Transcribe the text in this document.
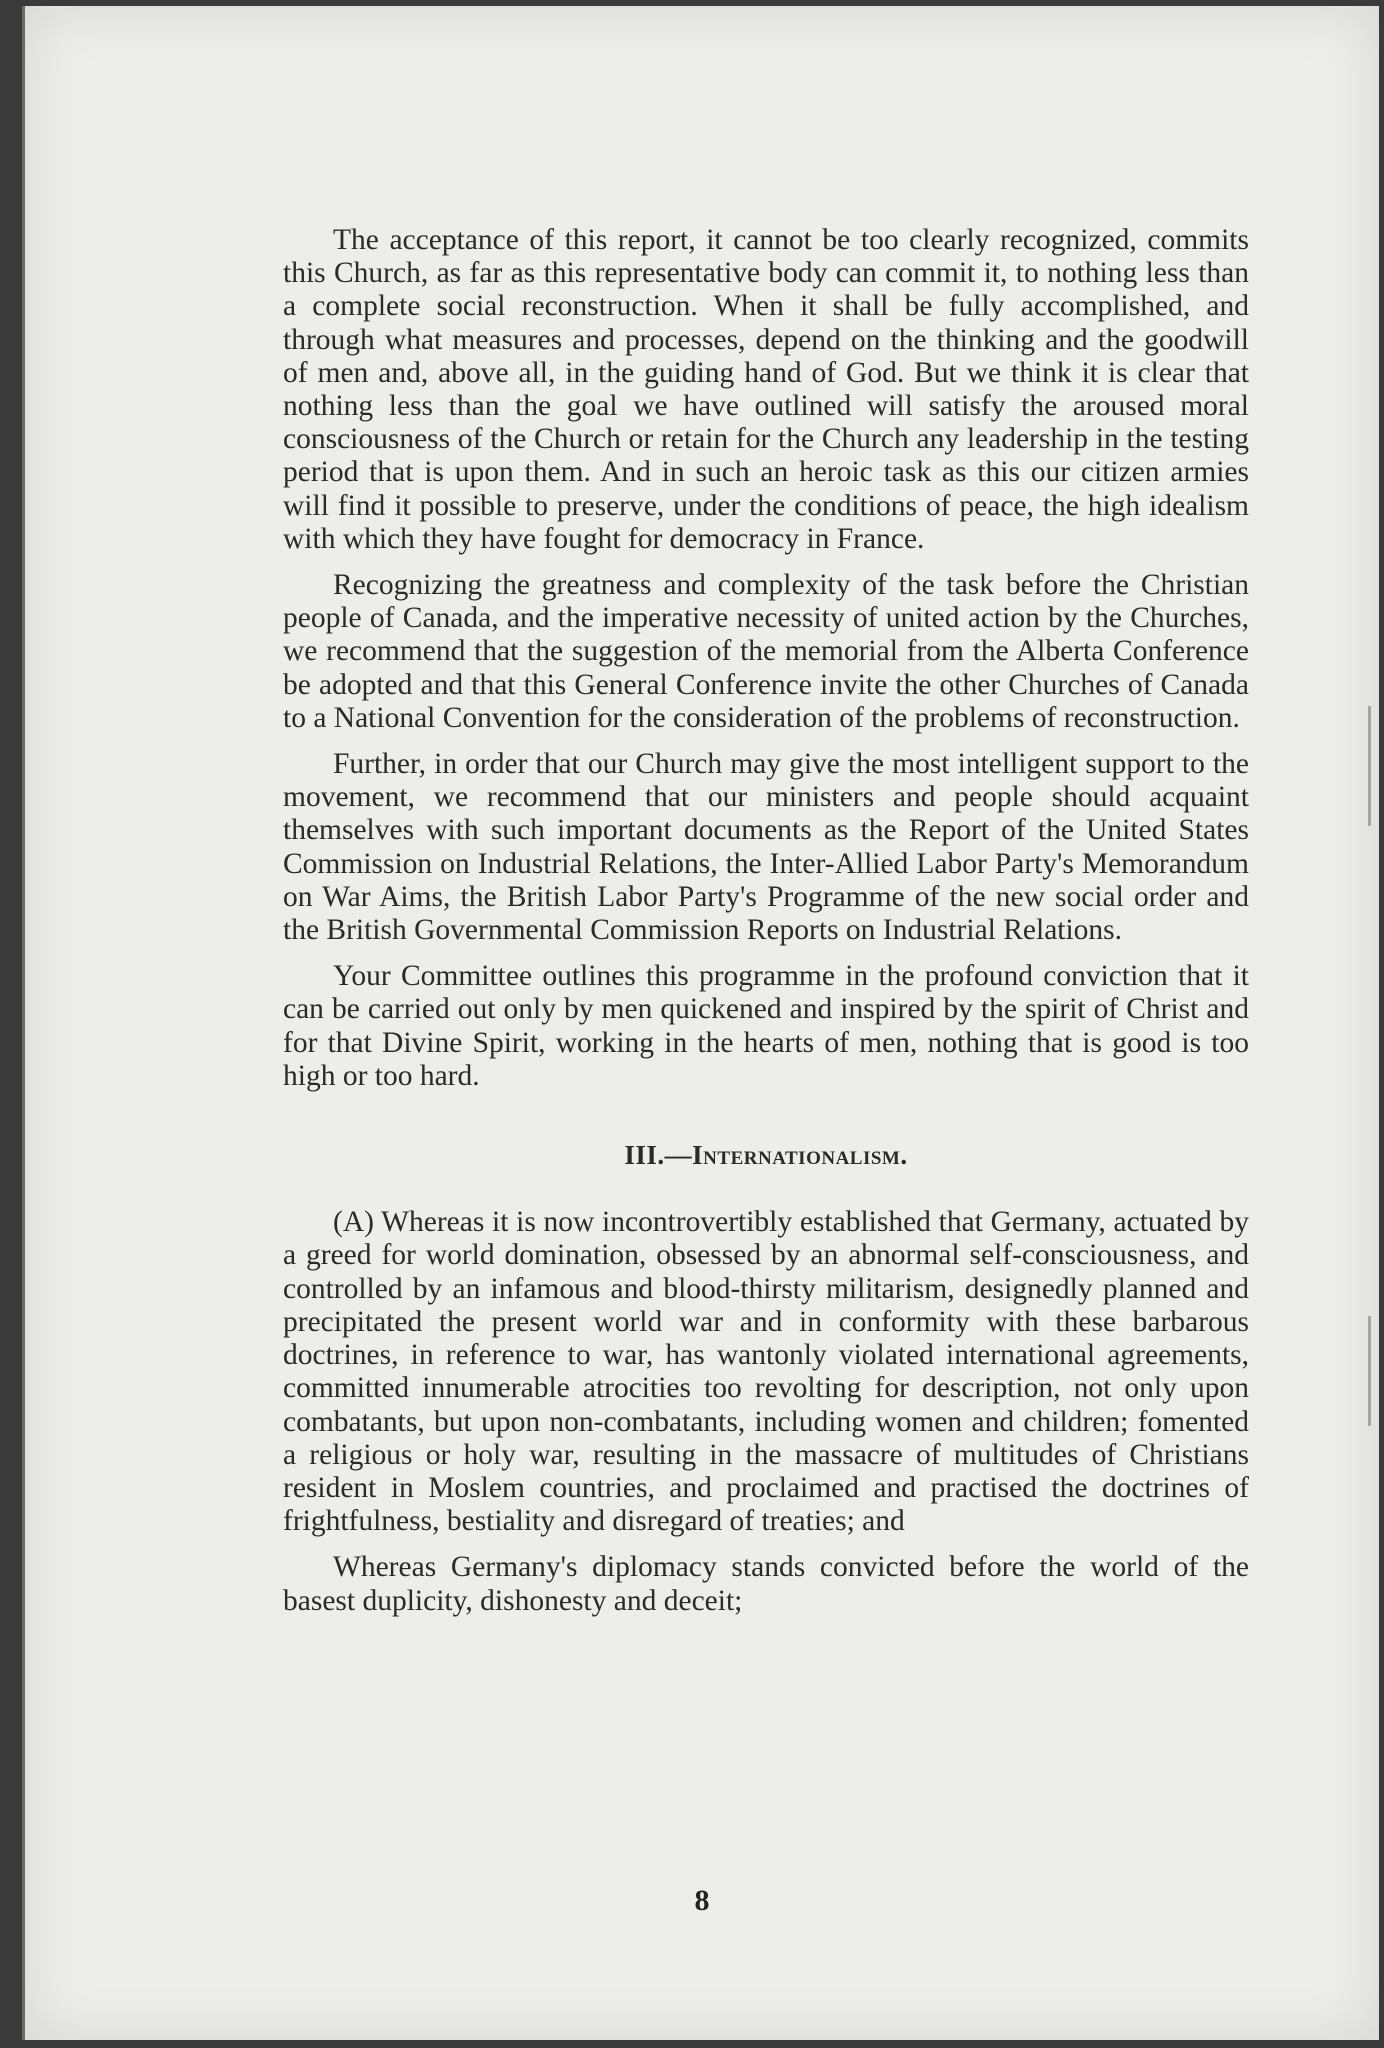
The acceptance of this report, it cannot be too clearly recognized, commits this Church, as far as this representative body can commit it, to nothing less than a complete social reconstruction. When it shall be fully accomplished, and through what measures and processes, depend on the thinking and the goodwill of men and, above all, in the guiding hand of God. But we think it is clear that nothing less than the goal we have outlined will satisfy the aroused moral consciousness of the Church or retain for the Church any leadership in the testing period that is upon them. And in such an heroic task as this our citizen armies will find it possible to preserve, under the conditions of peace, the high idealism with which they have fought for democracy in France.

Recognizing the greatness and complexity of the task before the Christian people of Canada, and the imperative necessity of united action by the Churches, we recommend that the suggestion of the memorial from the Alberta Conference be adopted and that this General Conference invite the other Churches of Canada to a National Convention for the consideration of the problems of reconstruction.

Further, in order that our Church may give the most intelligent support to the movement, we recommend that our ministers and people should acquaint themselves with such important documents as the Report of the United States Commission on Industrial Relations, the Inter-Allied Labor Party's Memorandum on War Aims, the British Labor Party's Programme of the new social order and the British Governmental Commission Reports on Industrial Relations.

Your Committee outlines this programme in the profound conviction that it can be carried out only by men quickened and inspired by the spirit of Christ and for that Divine Spirit, working in the hearts of men, nothing that is good is too high or too hard.

III.—Internationalism.

(A) Whereas it is now incontrovertibly established that Germany, actuated by a greed for world domination, obsessed by an abnormal self-consciousness, and controlled by an infamous and blood-thirsty militarism, designedly planned and precipitated the present world war and in conformity with these barbarous doctrines, in reference to war, has wantonly violated international agreements, committed innumerable atrocities too revolting for description, not only upon combatants, but upon non-combatants, including women and children; fomented a religious or holy war, resulting in the massacre of multitudes of Christians resident in Moslem countries, and proclaimed and practised the doctrines of frightfulness, bestiality and disregard of treaties; and

Whereas Germany's diplomacy stands convicted before the world of the basest duplicity, dishonesty and deceit;

8
